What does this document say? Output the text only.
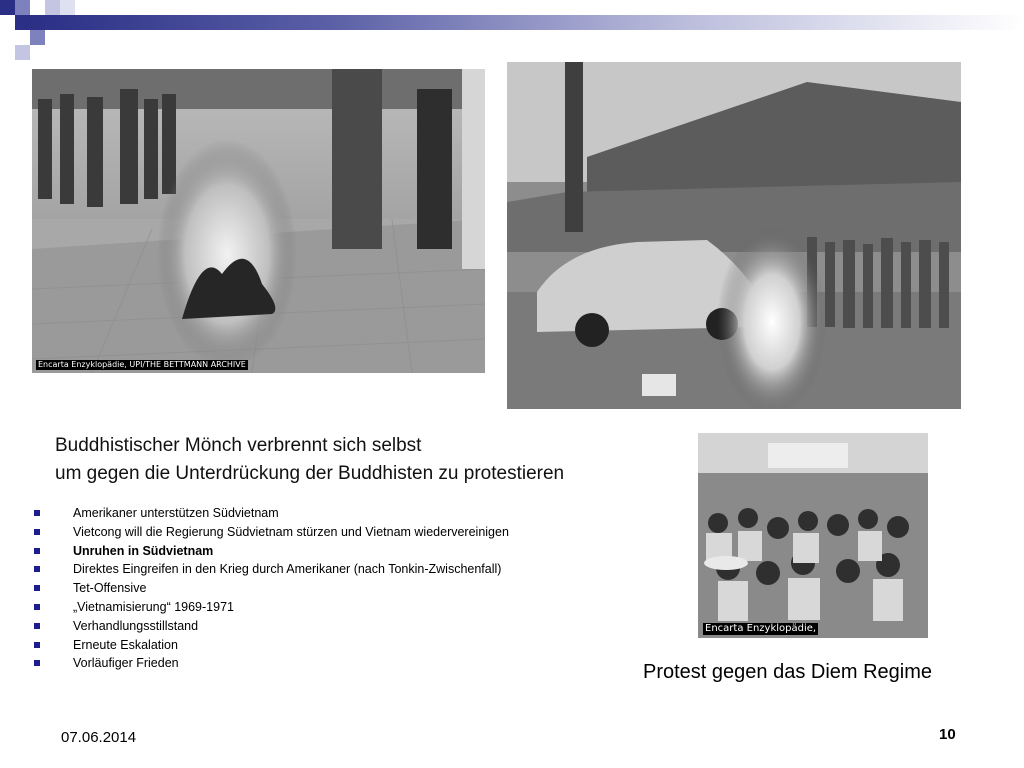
Encarta Enzyklopädie, UPI/THE BETTMANN ARCHIVE
Encarta Enzyklopädie,
Buddhistischer Mönch verbrennt sich selbst
um gegen die Unterdrückung der Buddhisten zu protestieren
Amerikaner unterstützen Südvietnam
Vietcong will die Regierung Südvietnam stürzen und Vietnam wiedervereinigen
Unruhen in Südvietnam
Direktes Eingreifen in den Krieg durch Amerikaner (nach Tonkin-Zwischenfall)
Tet-Offensive
„Vietnamisierung“ 1969-1971
Verhandlungsstillstand
Erneute Eskalation
Vorläufiger Frieden	Protest gegen das Diem Regime
07.06.2014	10
